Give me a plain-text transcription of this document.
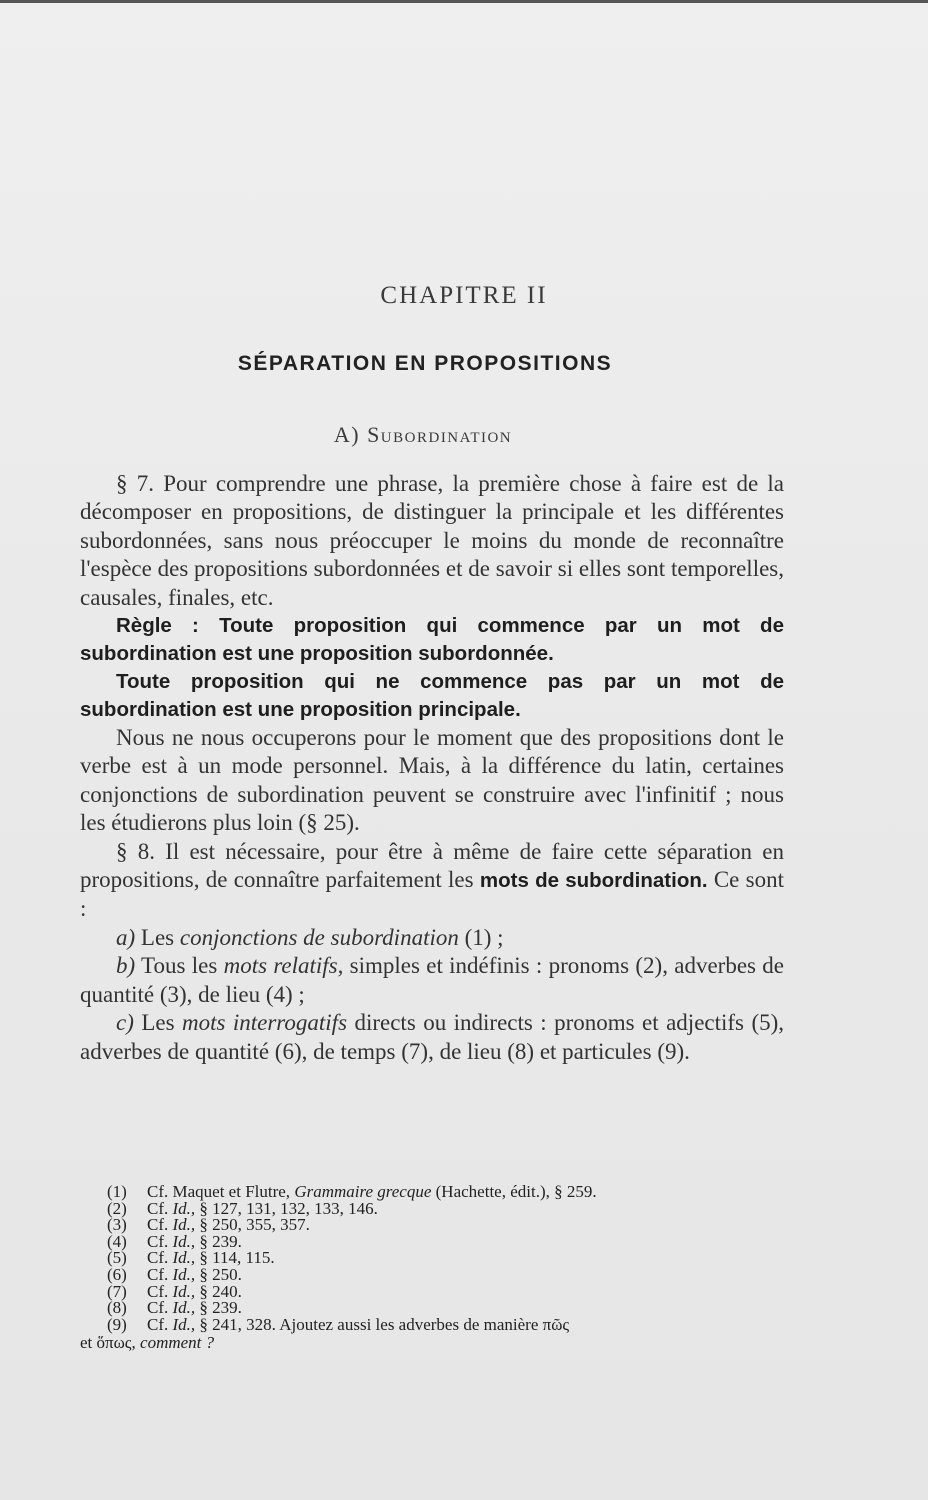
CHAPITRE II
SÉPARATION EN PROPOSITIONS
A) Subordination

§ 7. Pour comprendre une phrase, la première chose à faire est de la décomposer en propositions, de distinguer la principale et les différentes subordonnées, sans nous préoccuper le moins du monde de reconnaître l'espèce des propositions subordonnées et de savoir si elles sont temporelles, causales, finales, etc.

Règle : Toute proposition qui commence par un mot de subordination est une proposition subordonnée.

Toute proposition qui ne commence pas par un mot de subordination est une proposition principale.

Nous ne nous occuperons pour le moment que des propositions dont le verbe est à un mode personnel. Mais, à la différence du latin, certaines conjonctions de subordination peuvent se construire avec l'infinitif ; nous les étudierons plus loin (§ 25).

§ 8. Il est nécessaire, pour être à même de faire cette séparation en propositions, de connaître parfaitement les mots de subordination. Ce sont :

a) Les conjonctions de subordination (1) ;

b) Tous les mots relatifs, simples et indéfinis : pronoms (2), adverbes de quantité (3), de lieu (4) ;

c) Les mots interrogatifs directs ou indirects : pronoms et adjectifs (5), adverbes de quantité (6), de temps (7), de lieu (8) et particules (9).

(1) Cf. Maquet et Flutre, Grammaire grecque (Hachette, édit.), § 259.

(2) Cf. Id., § 127, 131, 132, 133, 146.

(3) Cf. Id., § 250, 355, 357.

(4) Cf. Id., § 239.

(5) Cf. Id., § 114, 115.

(6) Cf. Id., § 250.

(7) Cf. Id., § 240.

(8) Cf. Id., § 239.

(9) Cf. Id., § 241, 328. Ajoutez aussi les adverbes de manière πῶς

et ὅπως, comment ?
